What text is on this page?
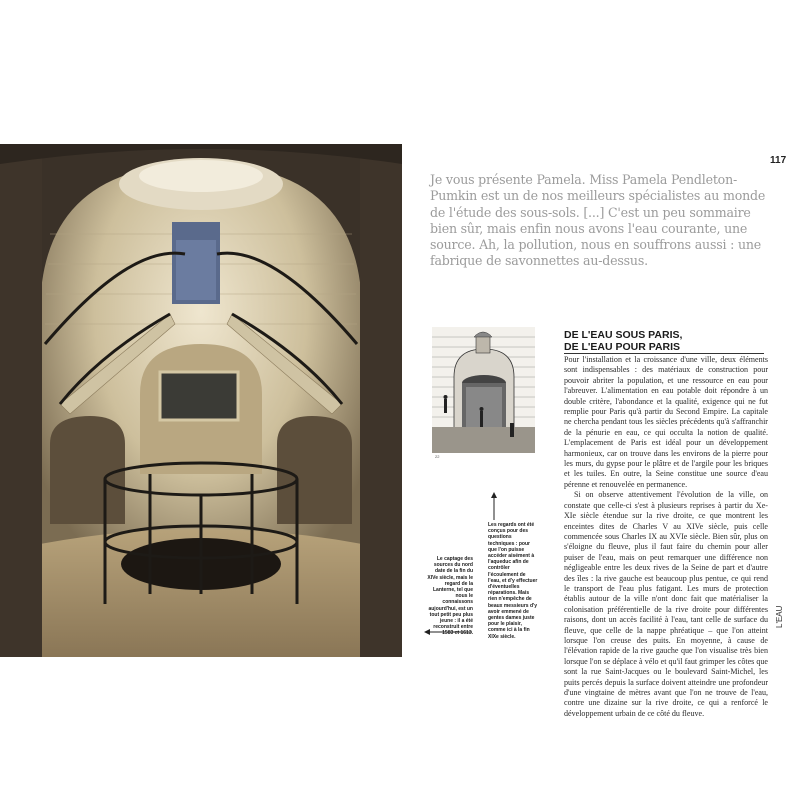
Le captage des sources du nord date de la fin du XIVe siècle, mais le regard de la Lanterne, tel que nous le connaissons aujourd'hui, est un tout petit peu plus jeune : il a été reconstruit entre 1583 et 1613.
Les regards ont été conçus pour des questions techniques : pour que l'on puisse accéder aisément à l'aqueduc afin de contrôler l'écoulement de l'eau, et d'y effectuer d'éventuelles réparations. Mais rien n'empêche de beaux messieurs d'y avoir emmené de gentes dames juste pour le plaisir, comme ici à la fin XIXe siècle.
117

Je vous présente Pamela. Miss Pamela Pendleton-Pumkin est un de nos meilleurs spécialistes au monde de l'étude des sous-sols. [...] C'est un peu sommaire bien sûr, mais enfin nous avons l'eau courante, une source. Ah, la pollution, nous en souffrons aussi : une fabrique de savonnettes au-dessus.

22
DE L'EAU SOUS PARIS,
DE L'EAU POUR PARIS

Pour l'installation et la croissance d'une ville, deux éléments sont indispensables : des matériaux de construction pour pouvoir abriter la population, et une ressource en eau pour l'abreuver. L'alimentation en eau potable doit répondre à un double critère, l'abondance et la qualité, exigence qui ne fut remplie pour Paris qu'à partir du Second Empire. La capitale ne chercha pendant tous les siècles précédents qu'à s'affranchir de la pénurie en eau, ce qui occulta la notion de qualité. L'emplacement de Paris est idéal pour un développement harmonieux, car on trouve dans les environs de la pierre pour les murs, du gypse pour le plâtre et de l'argile pour les briques et les tuiles. En outre, la Seine constitue une source d'eau pérenne et renouvelée en permanence.

Si on observe attentivement l'évolution de la ville, on constate que celle-ci s'est à plusieurs reprises à partir du Xe-XIe siècle étendue sur la rive droite, ce que montrent les enceintes dites de Charles V au XIVe siècle, puis celle commencée sous Charles IX au XVIe siècle. Bien sûr, plus on s'éloigne du fleuve, plus il faut faire du chemin pour aller puiser de l'eau, mais on peut remarquer une différence non négligeable entre les deux rives de la Seine de part et d'autre des îles : la rive gauche est beaucoup plus pentue, ce qui rend le transport de l'eau plus fatigant. Les murs de protection établis autour de la ville n'ont donc fait que matérialiser la colonisation préférentielle de la rive droite pour différentes raisons, dont un accès facilité à l'eau, tant celle de surface du fleuve, que celle de la nappe phréatique – que l'on atteint lorsque l'on creuse des puits. En moyenne, à cause de l'élévation rapide de la rive gauche que l'on visualise très bien lorsque l'on se déplace à vélo et qu'il faut grimper les côtes que sont la rue Saint-Jacques ou le boulevard Saint-Michel, les puits percés depuis la surface doivent atteindre une profondeur d'une vingtaine de mètres avant que l'on ne trouve de l'eau, contre une dizaine sur la rive droite, ce qui a renforcé le développement urbain de ce côté du fleuve.

L'EAU
